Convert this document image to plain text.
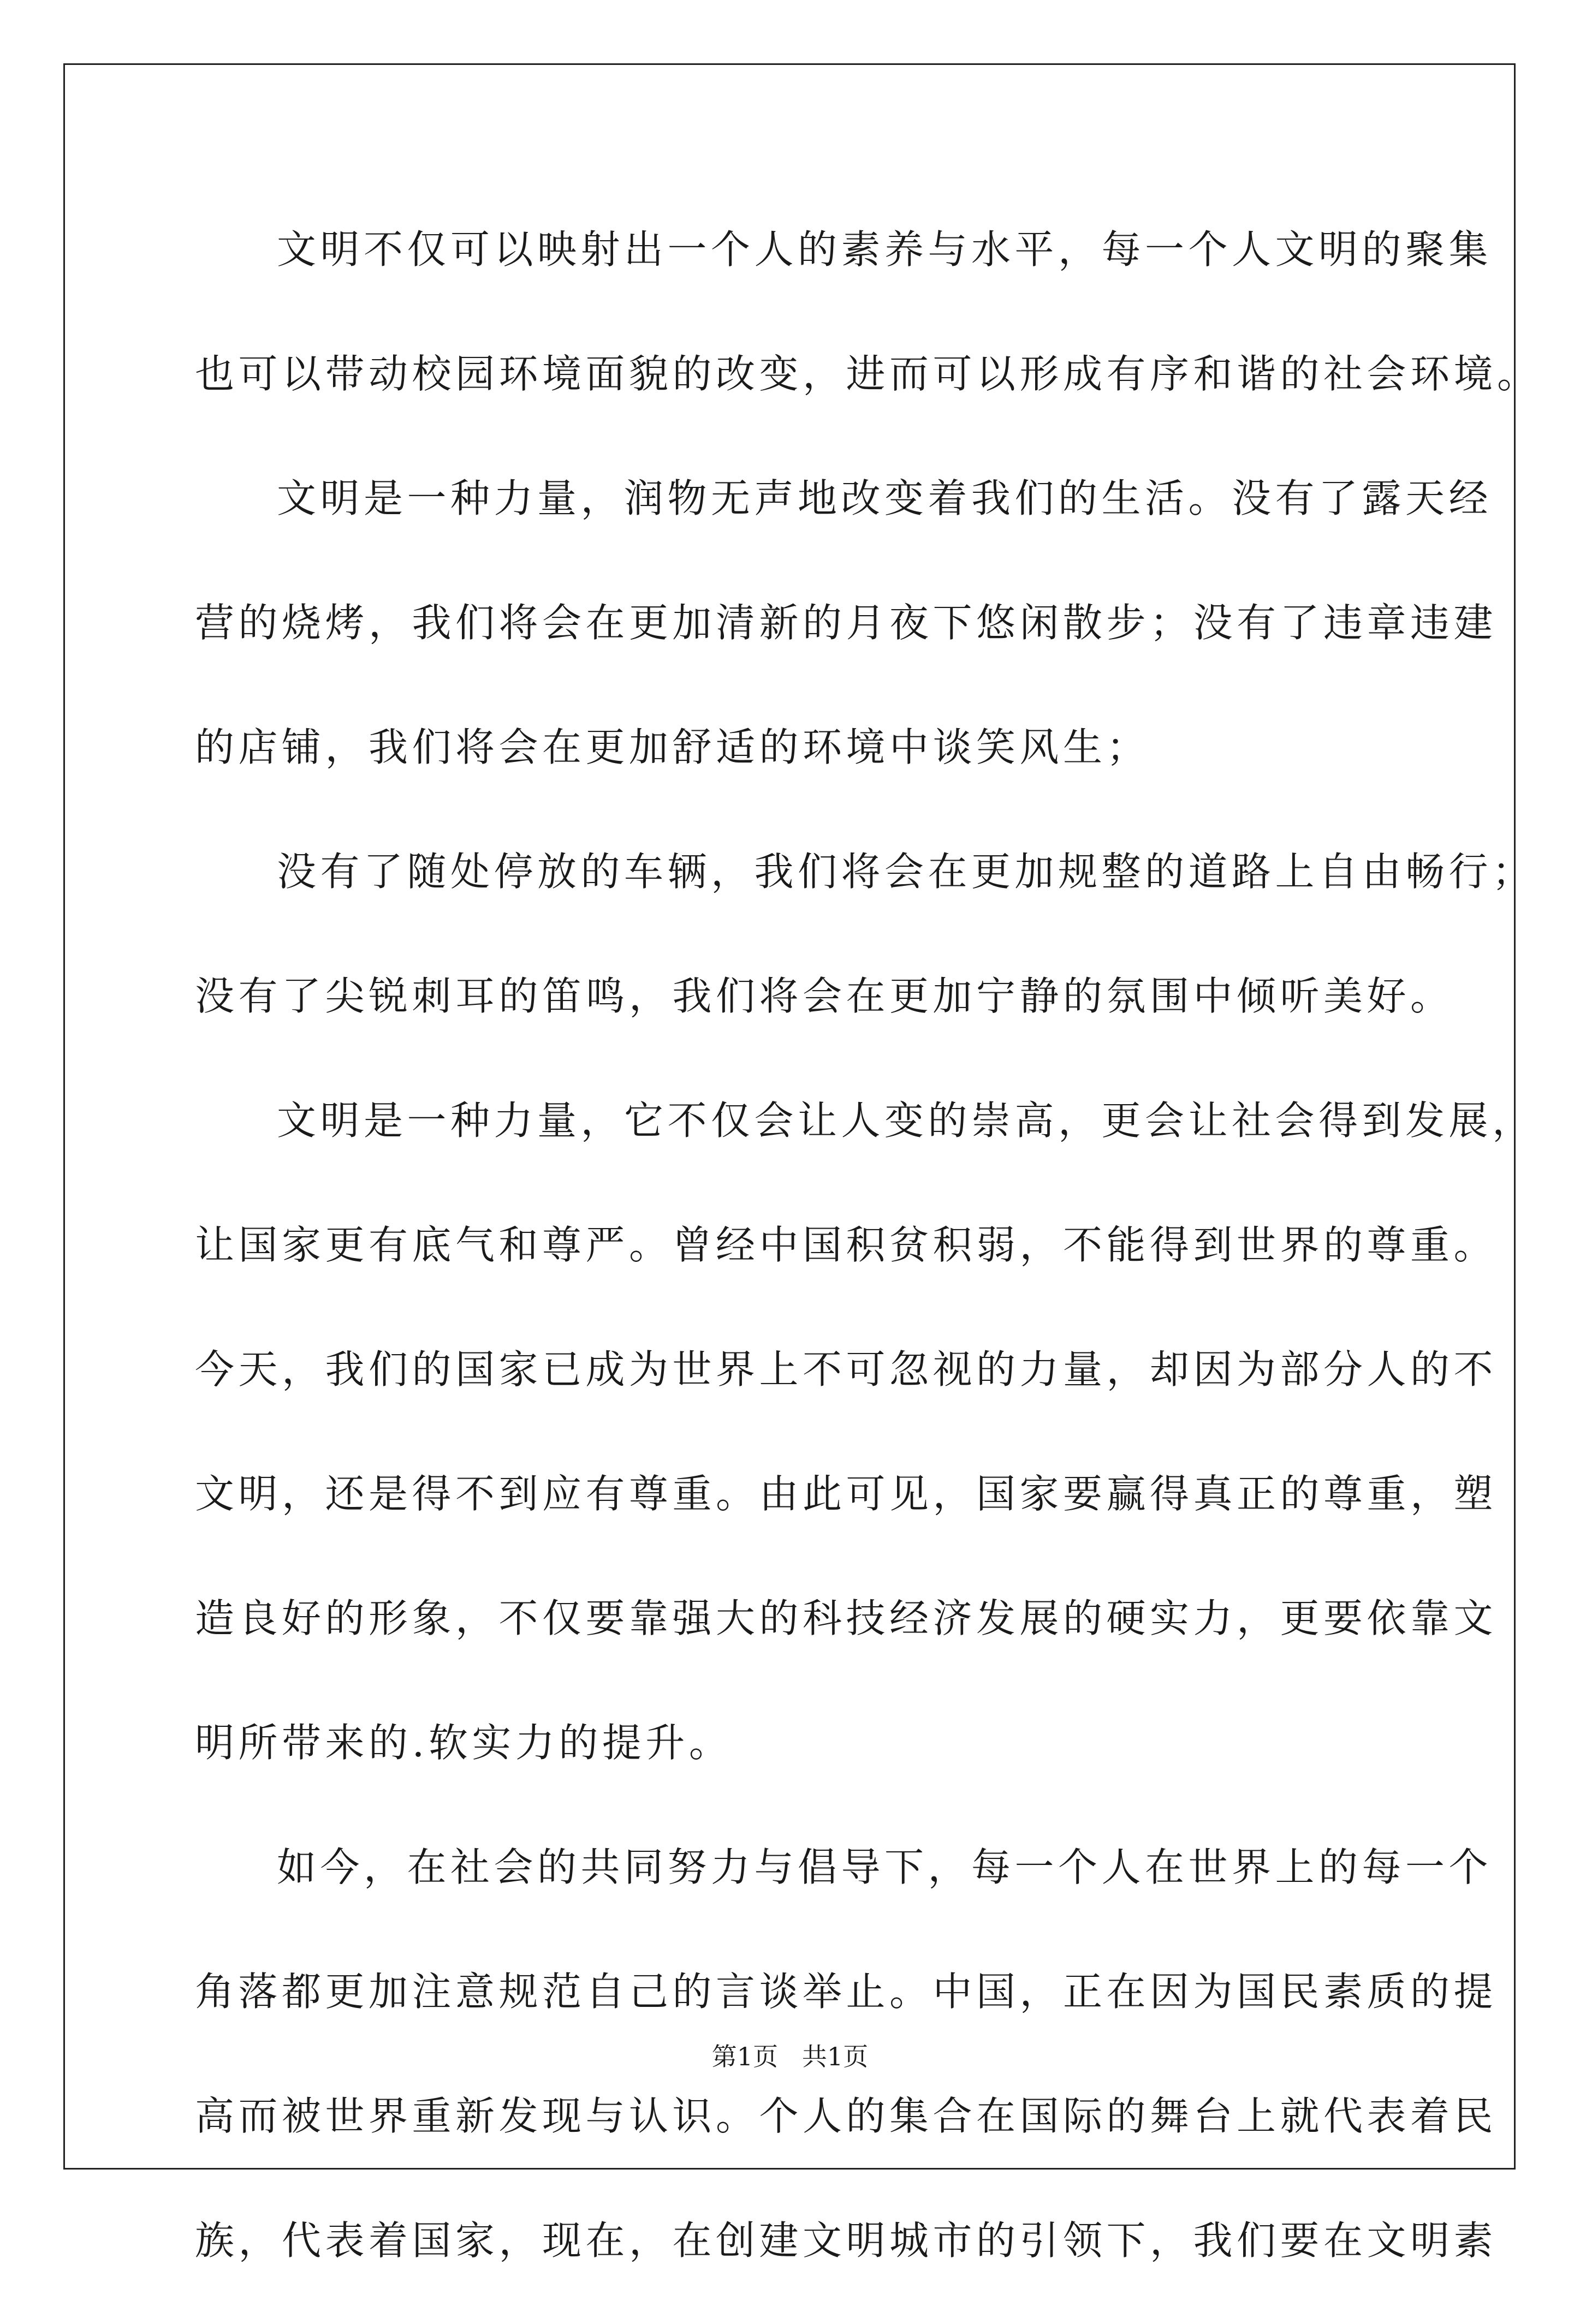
文明不仅可以映射出一个人的素养与水平，每一个人文明的聚集
也可以带动校园环境面貌的改变，进而可以形成有序和谐的社会环境。
文明是一种力量，润物无声地改变着我们的生活。没有了露天经
营的烧烤，我们将会在更加清新的月夜下悠闲散步；没有了违章违建
的店铺，我们将会在更加舒适的环境中谈笑风生；
没有了随处停放的车辆，我们将会在更加规整的道路上自由畅行；
没有了尖锐刺耳的笛鸣，我们将会在更加宁静的氛围中倾听美好。
文明是一种力量，它不仅会让人变的崇高，更会让社会得到发展，
让国家更有底气和尊严。曾经中国积贫积弱，不能得到世界的尊重。
今天，我们的国家已成为世界上不可忽视的力量，却因为部分人的不
文明，还是得不到应有尊重。由此可见，国家要赢得真正的尊重，塑
造良好的形象，不仅要靠强大的科技经济发展的硬实力，更要依靠文
明所带来的.软实力的提升。
如今，在社会的共同努力与倡导下，每一个人在世界上的每一个
角落都更加注意规范自己的言谈举止。中国，正在因为国民素质的提
高而被世界重新发现与认识。个人的集合在国际的舞台上就代表着民
族，代表着国家，现在，在创建文明城市的引领下，我们要在文明素
第1页   共1页
